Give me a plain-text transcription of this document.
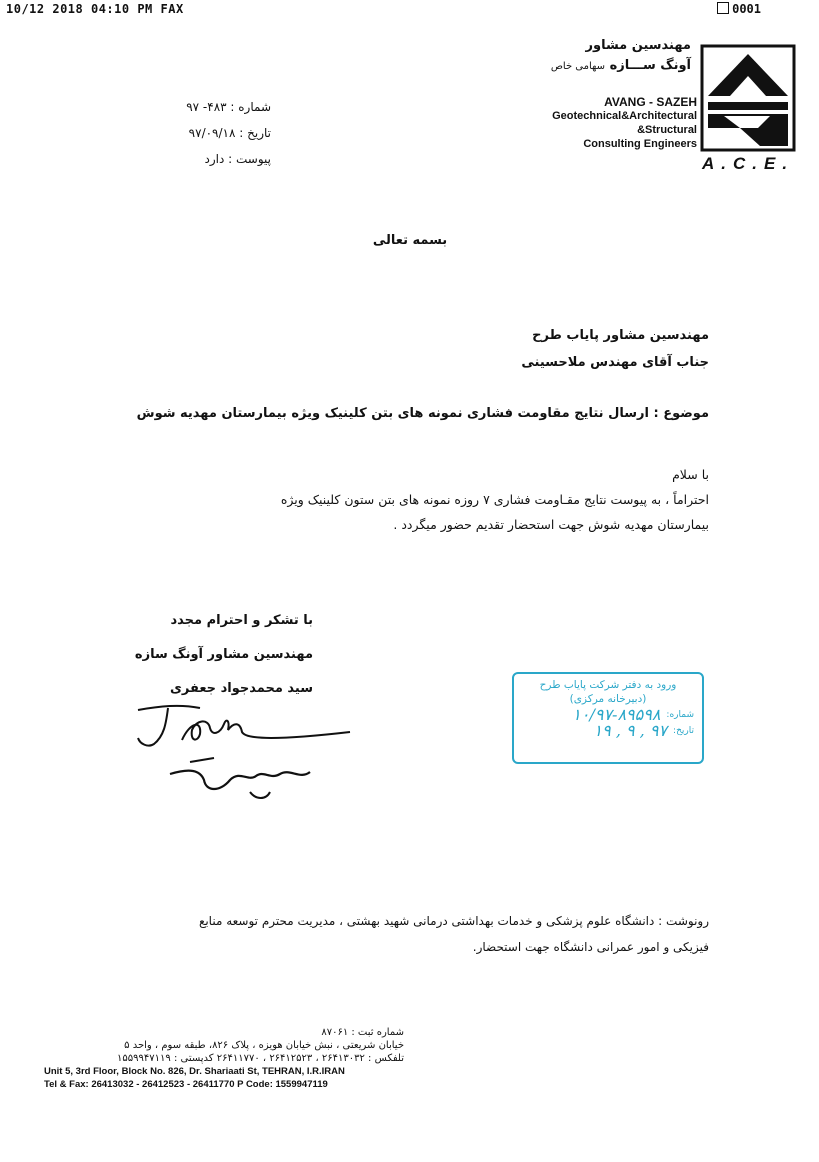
10/12 2018 04:10 PM FAX	0001
مهندسین مشاور
آونگ ســـازه سهامی خاص
AVANG - SAZEH
Geotechnical&Architectural
&Structural
Consulting Engineers
A.C.E.
شماره : ۴۸۳- ۹۷
تاریخ : ۹۷/۰۹/۱۸
پیوست : دارد
بسمه تعالی
مهندسین مشاور پایاب طرح
جناب آقای مهندس ملاحسینی
موضوع : ارسال نتایج مقاومت فشاری نمونه های بتن کلینیک ویژه بیمارستان مهدیه شوش

با سلام

احتراماً ، به پیوست نتایج مقـاومت فشاری ۷ روزه نمونه های بتن ستون کلینیک ویژه

بیمارستان مهدیه شوش جهت استحضار تقدیم حضور میگردد .

با تشکر و احترام مجدد
مهندسین مشاور آونگ سازه
سید محمدجواد جعفری	ورود به دفتر شرکت پایاب طرح
(دبیرخانه مرکزی)
شماره:
۱۰/۹۷-۸۹۵۹۸
تاریخ:
۹۷ , ۹ , ۱۹
رونوشت : دانشگاه علوم پزشکی و خدمات بهداشتی درمانی شهید بهشتی ، مدیریت محترم توسعه منابع
فیزیکی و امور عمرانی دانشگاه جهت استحضار.
شماره ثبت : ۸۷۰۶۱
خیابان شریعتی ، نبش خیابان هویزه ، پلاک ۸۲۶، طبقه سوم ، واحد ۵
تلفکس : ۲۶۴۱۳۰۳۲ ، ۲۶۴۱۲۵۲۳ ، ۲۶۴۱۱۷۷۰ کدپستی : ۱۵۵۹۹۴۷۱۱۹
Unit 5, 3rd Floor, Block No. 826, Dr. Shariaati St, TEHRAN, I.R.IRAN
Tel & Fax: 26413032 - 26412523 - 26411770 P Code: 1559947119
